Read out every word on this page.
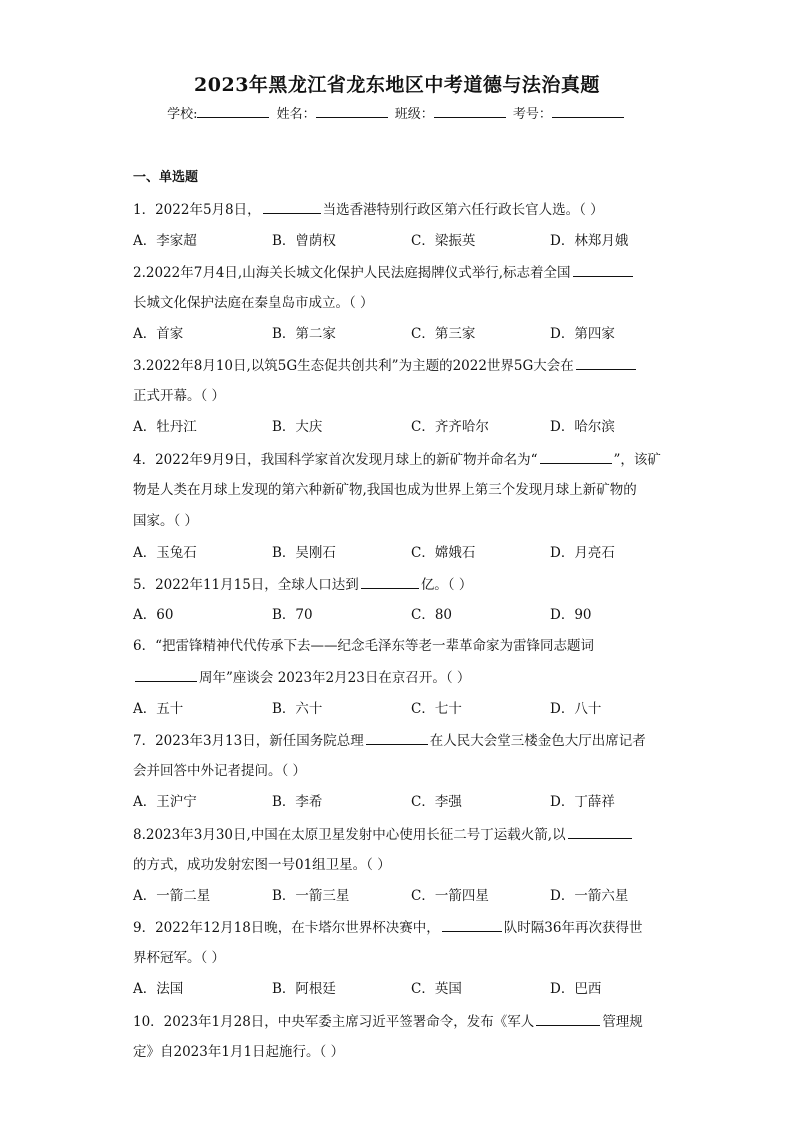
2023年黑龙江省龙东地区中考道德与法治真题
学校:	姓名：	班级：	考号：
一、单选题
1．2022年5月8日，	当选香港特别行政区第六任行政长官人选。（ ）
A．李家超	B．曾荫权	C．梁振英	D．林郑月娥
2.2022年7月4日,山海关长城文化保护人民法庭揭牌仪式举行,标志着全国
长城文化保护法庭在秦皇岛市成立。（ ）
A．首家	B．第二家	C．第三家	D．第四家
3.2022年8月10日,以筑5G生态促共创共利”为主题的2022世界5G大会在
正式开幕。（ ）
A．牡丹江	B．大庆	C．齐齐哈尔	D．哈尔滨
4．2022年9月9日，我国科学家首次发现月球上的新矿物并命名为“	”，该矿
物是人类在月球上发现的第六种新矿物,我国也成为世界上第三个发现月球上新矿物的
国家。（ ）
A．玉兔石	B．吴刚石	C．嫦娥石	D．月亮石
5．2022年11月15日，全球人口达到	亿。（ ）
A．60	B．70	C．80	D．90
6．“把雷锋精神代代传承下去——纪念毛泽东等老一辈革命家为雷锋同志题词
周年”座谈会 2023年2月23日在京召开。（ ）
A．五十	B．六十	C．七十	D．八十
7．2023年3月13日，新任国务院总理	在人民大会堂三楼金色大厅出席记者
会并回答中外记者提问。（ ）
A．王沪宁	B．李希	C．李强	D．丁薛祥
8.2023年3月30日,中国在太原卫星发射中心使用长征二号丁运载火箭,以
的方式，成功发射宏图一号01组卫星。（ ）
A．一箭二星	B．一箭三星	C．一箭四星	D．一箭六星
9．2022年12月18日晚，在卡塔尔世界杯决赛中，	队时隔36年再次获得世
界杯冠军。（ ）
A．法国	B．阿根廷	C．英国	D．巴西
10．2023年1月28日，中央军委主席习近平签署命令，发布《军人	管理规
定》自2023年1月1日起施行。（ ）
